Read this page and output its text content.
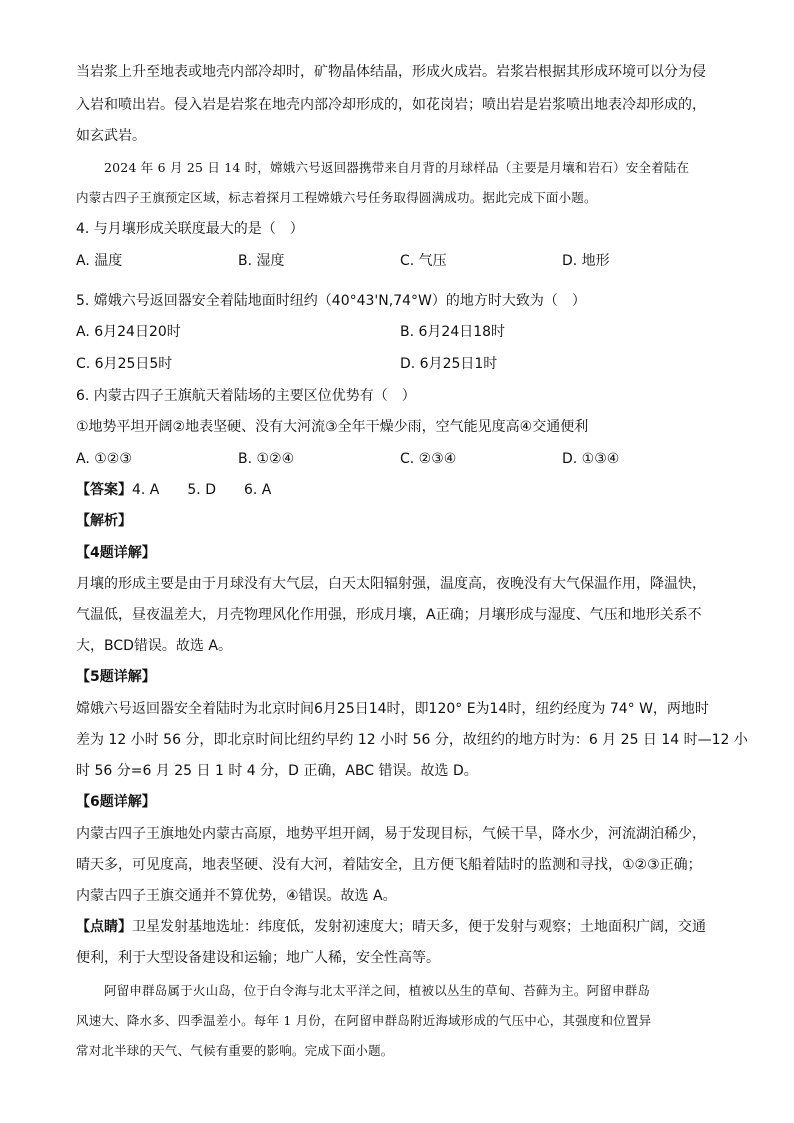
当岩浆上升至地表或地壳内部冷却时，矿物晶体结晶，形成火成岩。岩浆岩根据其形成环境可以分为侵
入岩和喷出岩。侵入岩是岩浆在地壳内部冷却形成的，如花岗岩；喷出岩是岩浆喷出地表冷却形成的，
如玄武岩。
2024 年 6 月 25 日 14 时，嫦娥六号返回器携带来自月背的月球样品（主要是月壤和岩石）安全着陆在
内蒙古四子王旗预定区域，标志着探月工程嫦娥六号任务取得圆满成功。据此完成下面小题。
4. 与月壤形成关联度最大的是（　）
A. 温度	B. 湿度	C. 气压	D. 地形
5. 嫦娥六号返回器安全着陆地面时纽约（40°43'N,74°W）的地方时大致为（　）
A. 6月24日20时	B. 6月24日18时
C. 6月25日5时	D. 6月25日1时
6. 内蒙古四子王旗航天着陆场的主要区位优势有（　）
①地势平坦开阔②地表坚硬、没有大河流③全年干燥少雨，空气能见度高④交通便利
A. ①②③	B. ①②④	C. ②③④	D. ①③④
【答案】4. A　　5. D　　6. A
【解析】
【4题详解】
月壤的形成主要是由于月球没有大气层，白天太阳辐射强，温度高，夜晚没有大气保温作用，降温快，
气温低，昼夜温差大，月壳物理风化作用强，形成月壤，A正确；月壤形成与湿度、气压和地形关系不
大，BCD错误。故选 A。
【5题详解】
嫦娥六号返回器安全着陆时为北京时间6月25日14时，即120° E为14时，纽约经度为 74° W，两地时
差为 12 小时 56 分，即北京时间比纽约早约 12 小时 56 分，故纽约的地方时为：6 月 25 日 14 时—12 小
时 56 分=6 月 25 日 1 时 4 分，D 正确，ABC 错误。故选 D。
【6题详解】
内蒙古四子王旗地处内蒙古高原，地势平坦开阔，易于发现目标，气候干旱，降水少，河流湖泊稀少，
晴天多，可见度高，地表坚硬、没有大河，着陆安全，且方便飞船着陆时的监测和寻找，①②③正确；
内蒙古四子王旗交通并不算优势，④错误。故选 A。
【点睛】卫星发射基地选址：纬度低，发射初速度大；晴天多，便于发射与观察；土地面积广阔，交通
便利，利于大型设备建设和运输；地广人稀，安全性高等。
阿留申群岛属于火山岛，位于白令海与北太平洋之间，植被以丛生的草甸、苔藓为主。阿留申群岛
风速大、降水多、四季温差小。每年 1 月份，在阿留申群岛附近海域形成的气压中心，其强度和位置异
常对北半球的天气、气候有重要的影响。完成下面小题。
